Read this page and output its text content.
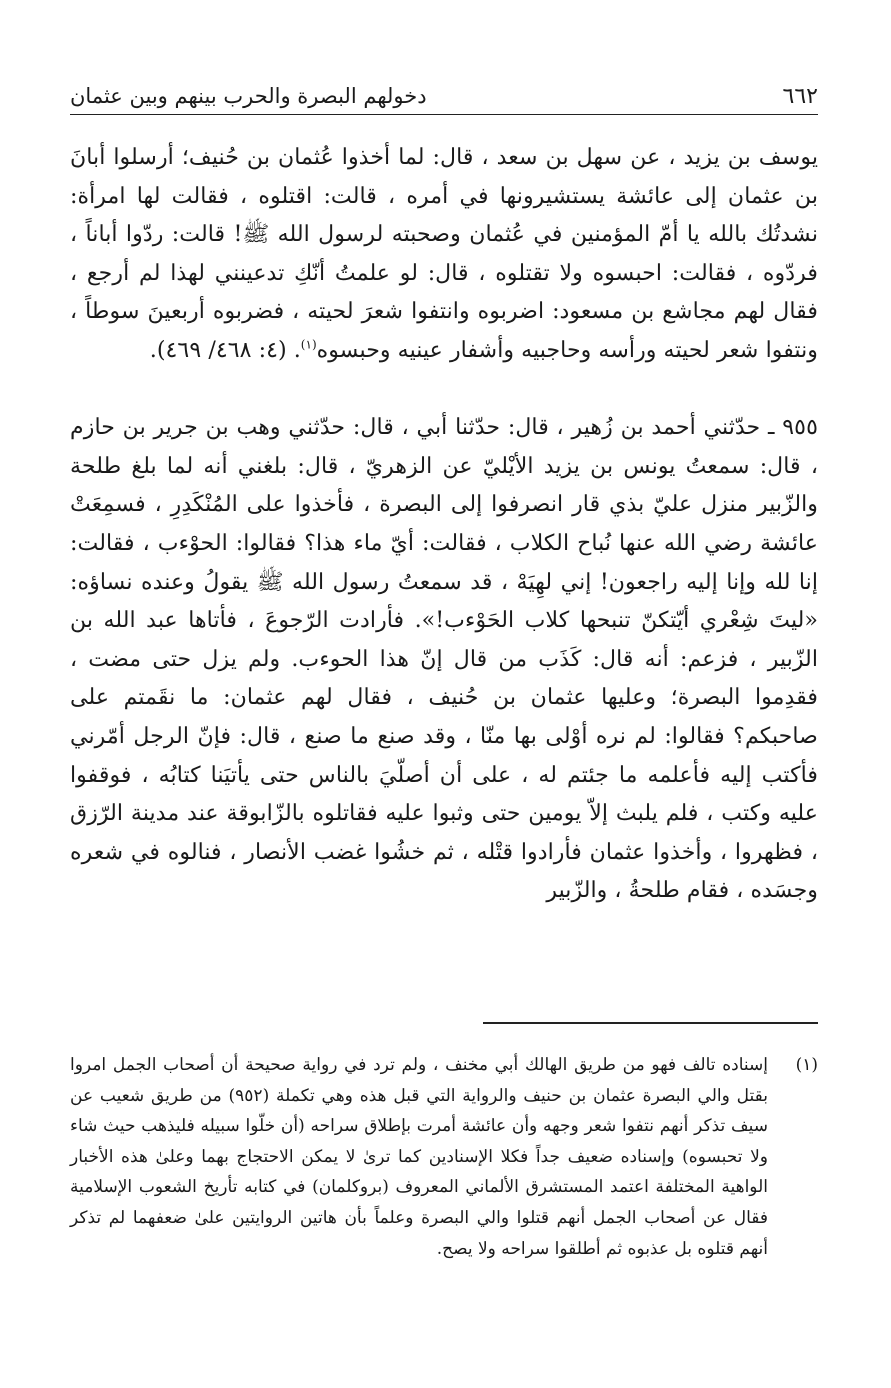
٦٦٢
دخولهم البصرة والحرب بينهم وبين عثمان

يوسف بن يزيد ، عن سهل بن سعد ، قال: لما أخذوا عُثمان بن حُنيف؛ أرسلوا أبانَ بن عثمان إلى عائشة يستشيرونها في أمره ، قالت: اقتلوه ، فقالت لها امرأة: نشدتُك بالله يا أمّ المؤمنين في عُثمان وصحبته لرسول الله ﷺ! قالت: ردّوا أباناً ، فردّوه ، فقالت: احبسوه ولا تقتلوه ، قال: لو علمتُ أنّكِ تدعينني لهذا لم أرجع ، فقال لهم مجاشع بن مسعود: اضربوه وانتفوا شعرَ لحيته ، فضربوه أربعينَ سوطاً ، ونتفوا شعر لحيته ورأسه وحاجبيه وأشفار عينيه وحبسوه$^{(١)}$. (٤: ٤٦٨/ ٤٦٩).

٩٥٥ ـ حدّثني أحمد بن زُهير ، قال: حدّثنا أبي ، قال: حدّثني وهب بن جرير بن حازم ، قال: سمعتُ يونس بن يزيد الأيْليّ عن الزهريّ ، قال: بلغني أنه لما بلغ طلحة والزّبير منزل عليّ بذي قار انصرفوا إلى البصرة ، فأخذوا على المُنْكَدِرِ ، فسمِعَتْ عائشة رضي الله عنها نُباح الكلاب ، فقالت: أيّ ماء هذا؟ فقالوا: الحوْءب ، فقالت: إنا لله وإنا إليه راجعون! إني لهِيَهْ ، قد سمعتُ رسول الله ﷺ يقولُ وعنده نساؤه: «ليتَ شِعْري أيّتكنّ تنبحها كلاب الحَوْءب!». فأرادت الرّجوعَ ، فأتاها عبد الله بن الزّبير ، فزعم: أنه قال: كَذَب من قال إنّ هذا الحوءب. ولم يزل حتى مضت ، فقدِموا البصرة؛ وعليها عثمان بن حُنيف ، فقال لهم عثمان: ما نقَمتم على صاحبكم؟ فقالوا: لم نره أوْلى بها منّا ، وقد صنع ما صنع ، قال: فإنّ الرجل أمّرني فأكتب إليه فأعلمه ما جئتم له ، على أن أصلّيَ بالناس حتى يأتيَنا كتابُه ، فوقفوا عليه وكتب ، فلم يلبث إلاّ يومين حتى وثبوا عليه فقاتلوه بالزّابوقة عند مدينة الرّزق ، فظهروا ، وأخذوا عثمان فأرادوا قتْله ، ثم خشُوا غضب الأنصار ، فنالوه في شعره وجسَده ، فقام طلحةُ ، والزّبير

(١)

إسناده تالف فهو من طريق الهالك أبي مخنف ، ولم ترد في رواية صحيحة أن أصحاب الجمل امروا بقتل والي البصرة عثمان بن حنيف والرواية التي قبل هذه وهي تكملة (٩٥٢) من طريق شعيب عن سيف تذكر أنهم نتفوا شعر وجهه وأن عائشة أمرت بإطلاق سراحه (أن خلّوا سبيله فليذهب حيث شاء ولا تحبسوه) وإسناده ضعيف جداً فكلا الإسنادين كما ترىٰ لا يمكن الاحتجاج بهما وعلىٰ هذه الأخبار الواهية المختلفة اعتمد المستشرق الألماني المعروف (بروكلمان) في كتابه تأريخ الشعوب الإسلامية فقال عن أصحاب الجمل أنهم قتلوا والي البصرة وعلماً بأن هاتين الروايتين علىٰ ضعفهما لم تذكر أنهم قتلوه بل عذبوه ثم أطلقوا سراحه ولا يصح.
